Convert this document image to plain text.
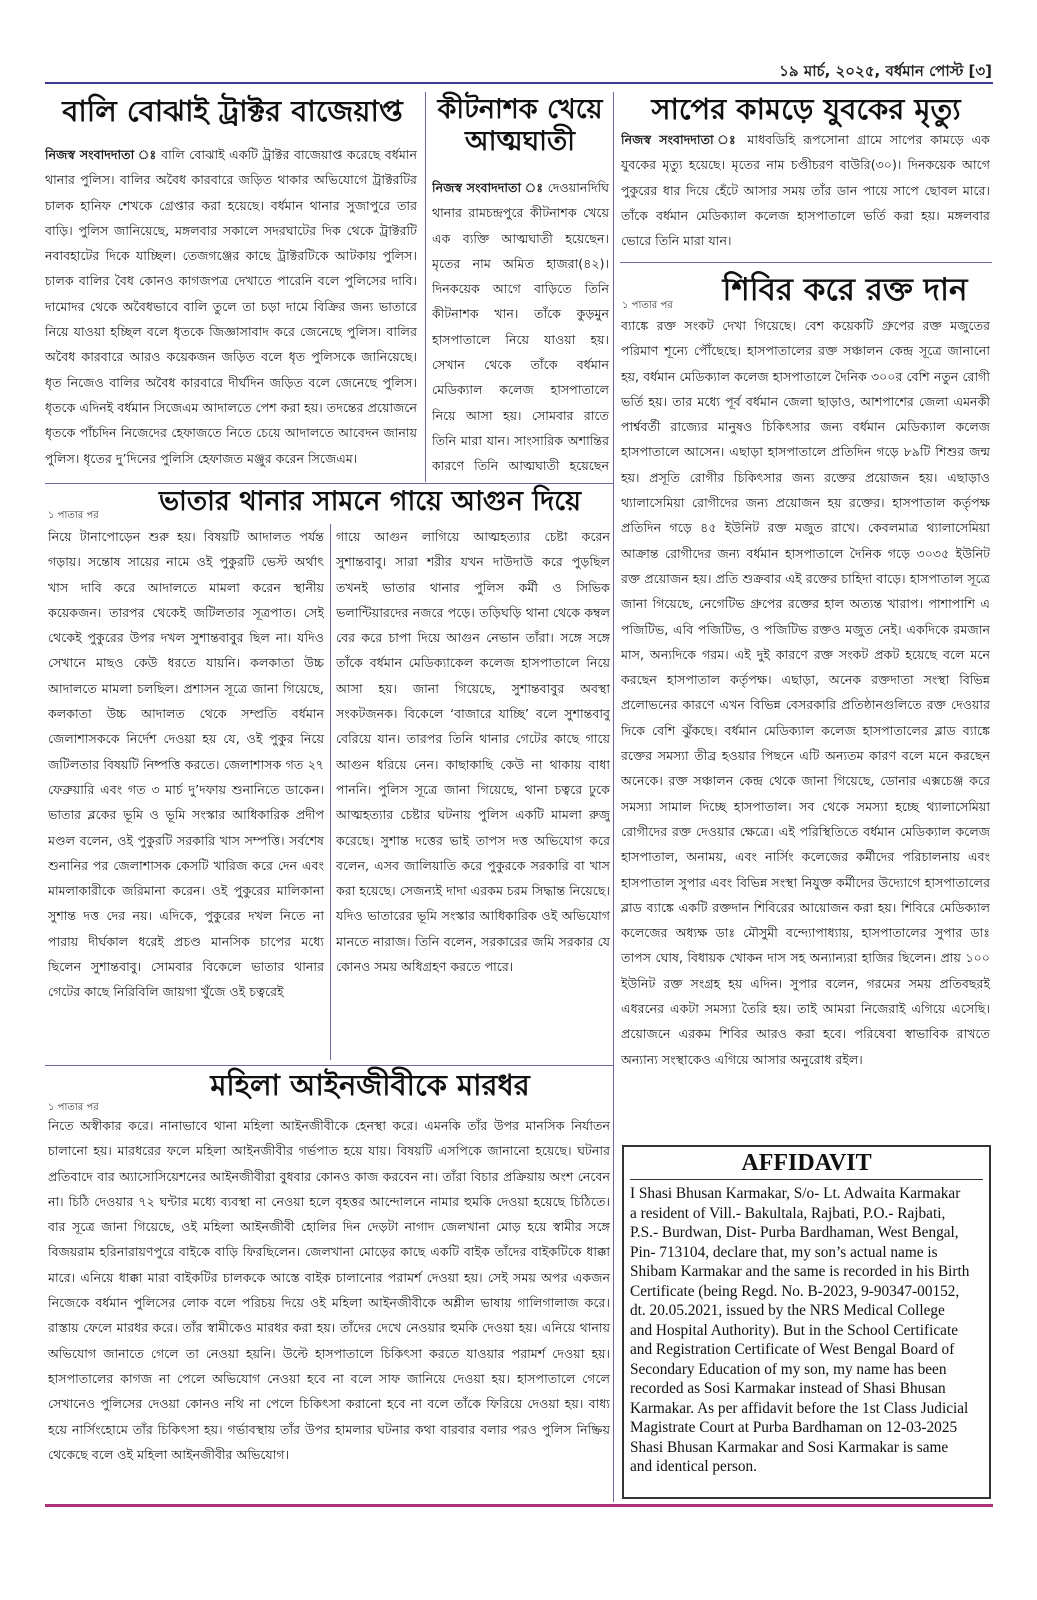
১৯ মার্চ, ২০২৫, বর্ধমান পোস্ট [৩]
বালি বোঝাই ট্রাক্টর বাজেয়াপ্ত

নিজস্ব সংবাদদাতা ঃ বালি বোঝাই একটি ট্রাক্টর বাজেয়াপ্ত করেছে বর্ধমান থানার পুলিস। বালির অবৈধ কারবারে জড়িত থাকার অভিযোগে ট্রাক্টরটির চালক হানিফ শেখকে গ্রেপ্তার করা হয়েছে। বর্ধমান থানার সুজাপুরে তার বাড়ি। পুলিস জানিয়েছে, মঙ্গলবার সকালে সদরঘাটের দিক থেকে ট্রাক্টরটি নবাবহাটের দিকে যাচ্ছিল। তেজগঞ্জের কাছে ট্রাক্টরটিকে আটকায় পুলিস। চালক বালির বৈধ কোনও কাগজপত্র দেখাতে পারেনি বলে পুলিসের দাবি। দামোদর থেকে অবৈধভাবে বালি তুলে তা চড়া দামে বিক্রির জন্য ভাতারে নিয়ে যাওয়া হচ্ছিল বলে ধৃতকে জিজ্ঞাসাবাদ করে জেনেছে পুলিস। বালির অবৈধ কারবারে আরও কয়েকজন জড়িত বলে ধৃত পুলিসকে জানিয়েছে। ধৃত নিজেও বালির অবৈধ কারবারে দীর্ঘদিন জড়িত বলে জেনেছে পুলিস। ধৃতকে এদিনই বর্ধমান সিজেএম আদালতে পেশ করা হয়। তদন্তের প্রয়োজনে ধৃতকে পাঁচদিন নিজেদের হেফাজতে নিতে চেয়ে আদালতে আবেদন জানায় পুলিস। ধৃতের দু’দিনের পুলিসি হেফাজত মঞ্জুর করেন সিজেএম।

কীটনাশক খেয়ে আত্মঘাতী

নিজস্ব সংবাদদাতা ঃ দেওয়ানদিঘি থানার রামচন্দ্রপুরে কীটনাশক খেয়ে এক ব্যক্তি আত্মঘাতী হয়েছেন। মৃতের নাম অমিত হাজরা(৪২)। দিনকয়েক আগে বাড়িতে তিনি কীটনাশক খান। তাঁকে কুড়মুন হাসপাতালে নিয়ে যাওয়া হয়। সেখান থেকে তাঁকে বর্ধমান মেডিক্যাল কলেজ হাসপাতালে নিয়ে আসা হয়। সোমবার রাতে তিনি মারা যান। সাংসারিক অশান্তির কারণে তিনি আত্মঘাতী হয়েছেন

সাপের কামড়ে যুবকের মৃত্যু

নিজস্ব সংবাদদাতা ঃ মাধবডিহি রূপসোনা গ্রামে সাপের কামড়ে এক যুবকের মৃত্যু হয়েছে। মৃতের নাম চণ্ডীচরণ বাউরি(৩০)। দিনকয়েক আগে পুকুরের ধার দিয়ে হেঁটে আসার সময় তাঁর ডান পায়ে সাপে ছোবল মারে। তাঁকে বর্ধমান মেডিক্যাল কলেজ হাসপাতালে ভর্তি করা হয়। মঙ্গলবার ভোরে তিনি মারা যান।

১ পাতার পর	শিবির করে রক্ত দান

ব্যাঙ্কে রক্ত সংকট দেখা গিয়েছে। বেশ কয়েকটি গ্রুপের রক্ত মজুতের পরিমাণ শূন্যে পৌঁছেছে। হাসপাতালের রক্ত সঞ্চালন কেন্দ্র সূত্রে জানানো হয়, বর্ধমান মেডিক্যাল কলেজ হাসপাতালে দৈনিক ৩০০র বেশি নতুন রোগী ভর্তি হয়। তার মধ্যে পূর্ব বর্ধমান জেলা ছাড়াও, আশপাশের জেলা এমনকী পার্শ্ববর্তী রাজ্যের মানুষও চিকিৎসার জন্য বর্ধমান মেডিক্যাল কলেজ হাসপাতালে আসেন। এছাড়া হাসপাতালে প্রতিদিন গড়ে ৮৯টি শিশুর জন্ম হয়। প্রসূতি রোগীর চিকিৎসার জন্য রক্তের প্রয়োজন হয়। এছাড়াও থ্যালাসেমিয়া রোগীদের জন্য প্রয়োজন হয় রক্তের। হাসপাতাল কর্তৃপক্ষ প্রতিদিন গড়ে ৪৫ ইউনিট রক্ত মজুত রাখে। কেবলমাত্র থ্যালাসেমিয়া আক্রান্ত রোগীদের জন্য বর্ধমান হাসপাতালে দৈনিক গড়ে ৩০৩৫ ইউনিট রক্ত প্রয়োজন হয়। প্রতি শুক্রবার এই রক্তের চাহিদা বাড়ে। হাসপাতাল সূত্রে জানা গিয়েছে, নেগেটিভ গ্রুপের রক্তের হাল অত্যন্ত খারাপ। পাশাপাশি এ পজিটিভ, এবি পজিটিভ, ও পজিটিভ রক্তও মজুত নেই। একদিকে রমজান মাস, অন্যদিকে গরম। এই দুই কারণে রক্ত সংকট প্রকট হয়েছে বলে মনে করছেন হাসপাতাল কর্তৃপক্ষ। এছাড়া, অনেক রক্তদাতা সংস্থা বিভিন্ন প্রলোভনের কারণে এখন বিভিন্ন বেসরকারি প্রতিষ্ঠানগুলিতে রক্ত দেওয়ার দিকে বেশি ঝুঁকছে। বর্ধমান মেডিক্যাল কলেজ হাসপাতালের ব্লাড ব্যাঙ্কে রক্তের সমস্যা তীব্র হওয়ার পিছনে এটি অন্যতম কারণ বলে মনে করছেন অনেকে। রক্ত সঞ্চালন কেন্দ্র থেকে জানা গিয়েছে, ডোনার এক্সচেঞ্জ করে সমস্যা সামাল দিচ্ছে হাসপাতাল। সব থেকে সমস্যা হচ্ছে থ্যালাসেমিয়া রোগীদের রক্ত দেওয়ার ক্ষেত্রে। এই পরিস্থিতিতে বর্ধমান মেডিক্যাল কলেজ হাসপাতাল, অনাময়, এবং নার্সিং কলেজের কর্মীদের পরিচালনায় এবং হাসপাতাল সুপার এবং বিভিন্ন সংস্থা নিযুক্ত কর্মীদের উদ্যোগে হাসপাতালের ব্লাড ব্যাঙ্কে একটি রক্তদান শিবিরের আয়োজন করা হয়। শিবিরে মেডিক্যাল কলেজের অধ্যক্ষ ডাঃ মৌসুমী বন্দ্যোপাধ্যায়, হাসপাতালের সুপার ডাঃ তাপস ঘোষ, বিধায়ক খোকন দাস সহ অন্যান্যরা হাজির ছিলেন। প্রায় ১০০ ইউনিট রক্ত সংগ্রহ হয় এদিন। সুপার বলেন, গরমের সময় প্রতিবছরই এধরনের একটা সমস্যা তৈরি হয়। তাই আমরা নিজেরাই এগিয়ে এসেছি। প্রয়োজনে এরকম শিবির আরও করা হবে। পরিষেবা স্বাভাবিক রাখতে অন্যান্য সংস্থাকেও এগিয়ে আসার অনুরোধ রইল।

AFFIDAVIT
I Shasi Bhusan Karmakar, S/o- Lt. Adwaita Karmakar
a resident of Vill.- Bakultala, Rajbati, P.O.- Rajbati,
P.S.- Burdwan, Dist- Purba Bardhaman, West Bengal,
Pin- 713104, declare that, my son’s actual name is
Shibam Karmakar and the same is recorded in his Birth
Certificate (being Regd. No. B-2023, 9-90347-00152,
dt. 20.05.2021, issued by the NRS Medical College
and Hospital Authority). But in the School Certificate
and Registration Certificate of West Bengal Board of
Secondary Education of my son, my name has been
recorded as Sosi Karmakar instead of Shasi Bhusan
Karmakar. As per affidavit before the 1st Class Judicial
Magistrate Court at Purba Bardhaman on 12-03-2025
Shasi Bhusan Karmakar and Sosi Karmakar is same
and identical person.
১ পাতার পর	ভাতার থানার সামনে গায়ে আগুন দিয়ে

নিয়ে টানাপোড়েন শুরু হয়। বিষয়টি আদালত পর্যন্ত গড়ায়। সন্তোষ সায়ের নামে ওই পুকুরটি ভেস্ট অর্থাৎ খাস দাবি করে আদালতে মামলা করেন স্থানীয় কয়েকজন। তারপর থেকেই জটিলতার সূত্রপাত। সেই থেকেই পুকুরের উপর দখল সুশান্তবাবুর ছিল না। যদিও সেখানে মাছও কেউ ধরতে যায়নি। কলকাতা উচ্চ আদালতে মামলা চলছিল। প্রশাসন সূত্রে জানা গিয়েছে, কলকাতা উচ্চ আদালত থেকে সম্প্রতি বর্ধমান জেলাশাসককে নির্দেশ দেওয়া হয় যে, ওই পুকুর নিয়ে জটিলতার বিষয়টি নিষ্পত্তি করতে। জেলাশাসক গত ২৭ ফেব্রুয়ারি এবং গত ৩ মার্চ দু’দফায় শুনানিতে ডাকেন। ভাতার ব্লকের ভূমি ও ভূমি সংস্কার আধিকারিক প্রদীপ মণ্ডল বলেন, ওই পুকুরটি সরকারি খাস সম্পত্তি। সর্বশেষ শুনানির পর জেলাশাসক কেসটি খারিজ করে দেন এবং মামলাকারীকে জরিমানা করেন। ওই পুকুরের মালিকানা সুশান্ত দত্ত দের নয়। এদিকে, পুকুরের দখল নিতে না পারায় দীর্ঘকাল ধরেই প্রচণ্ড মানসিক চাপের মধ্যে ছিলেন সুশান্তবাবু। সোমবার বিকেলে ভাতার থানার গেটের কাছে নিরিবিলি জায়গা খুঁজে ওই চত্বরেই

গায়ে আগুন লাগিয়ে আত্মহত্যার চেষ্টা করেন সুশান্তবাবু। সারা শরীর যখন দাউদাউ করে পুড়ছিল তখনই ভাতার থানার পুলিস কর্মী ও সিভিক ভলান্টিয়ারদের নজরে পড়ে। তড়িঘড়ি থানা থেকে কম্বল বের করে চাপা দিয়ে আগুন নেভান তাঁরা। সঙ্গে সঙ্গে তাঁকে বর্ধমান মেডিক্যাকেল কলেজ হাসপাতালে নিয়ে আসা হয়। জানা গিয়েছে, সুশান্তবাবুর অবস্থা সংকটজনক। বিকেলে ‘বাজারে যাচ্ছি’ বলে সুশান্তবাবু বেরিয়ে যান। তারপর তিনি থানার গেটের কাছে গায়ে আগুন ধরিয়ে নেন। কাছাকাছি কেউ না থাকায় বাধা পাননি। পুলিস সূত্রে জানা গিয়েছে, থানা চত্বরে ঢুকে আত্মহত্যার চেষ্টার ঘটনায় পুলিস একটি মামলা রুজু করেছে। সুশান্ত দত্তের ভাই তাপস দত্ত অভিযোগ করে বলেন, এসব জালিয়াতি করে পুকুরকে সরকারি বা খাস করা হয়েছে। সেজন্যই দাদা এরকম চরম সিদ্ধান্ত নিয়েছে। যদিও ভাতারের ভূমি সংস্কার আধিকারিক ওই অভিযোগ মানতে নারাজ। তিনি বলেন, সরকারের জমি সরকার যে কোনও সময় অধিগ্রহণ করতে পারে।

১ পাতার পর
মহিলা আইনজীবীকে মারধর

নিতে অস্বীকার করে। নানাভাবে থানা মহিলা আইনজীবীকে হেনস্থা করে। এমনকি তাঁর উপর মানসিক নির্যাতন চালানো হয়। মারধরের ফলে মহিলা আইনজীবীর গর্ভপাত হয়ে যায়। বিষয়টি এসপিকে জানানো হয়েছে। ঘটনার প্রতিবাদে বার অ্যাসোসিয়েশনের আইনজীবীরা বুধবার কোনও কাজ করবেন না। তাঁরা বিচার প্রক্রিয়ায় অংশ নেবেন না। চিঠি দেওয়ার ৭২ ঘন্টার মধ্যে ব্যবস্থা না নেওয়া হলে বৃহত্তর আন্দোলনে নামার হুমকি দেওয়া হয়েছে চিঠিতে। বার সূত্রে জানা গিয়েছে, ওই মহিলা আইনজীবী হোলির দিন দেড়টা নাগাদ জেলখানা মোড় হয়ে স্বামীর সঙ্গে বিজয়রাম হরিনারায়ণপুরে বাইকে বাড়ি ফিরছিলেন। জেলখানা মোড়ের কাছে একটি বাইক তাঁদের বাইকটিকে ধাক্কা মারে। এনিয়ে ধাক্কা মারা বাইকটির চালককে আস্তে বাইক চালানোর পরামর্শ দেওয়া হয়। সেই সময় অপর একজন নিজেকে বর্ধমান পুলিসের লোক বলে পরিচয় দিয়ে ওই মহিলা আইনজীবীকে অশ্লীল ভাষায় গালিগালাজ করে। রাস্তায় ফেলে মারধর করে। তাঁর স্বামীকেও মারধর করা হয়। তাঁদের দেখে নেওয়ার হুমকি দেওয়া হয়। এনিয়ে থানায় অভিযোগ জানাতে গেলে তা নেওয়া হয়নি। উল্টে হাসপাতালে চিকিৎসা করতে যাওয়ার পরামর্শ দেওয়া হয়। হাসপাতালের কাগজ না পেলে অভিযোগ নেওয়া হবে না বলে সাফ জানিয়ে দেওয়া হয়। হাসপাতালে গেলে সেখানেও পুলিসের দেওয়া কোনও নথি না পেলে চিকিৎসা করানো হবে না বলে তাঁকে ফিরিয়ে দেওয়া হয়। বাধ্য হয়ে নার্সিংহোমে তাঁর চিকিৎসা হয়। গর্ভাবস্থায় তাঁর উপর হামলার ঘটনার কথা বারবার বলার পরও পুলিস নিষ্ক্রিয় থেকেছে বলে ওই মহিলা আইনজীবীর অভিযোগ।
